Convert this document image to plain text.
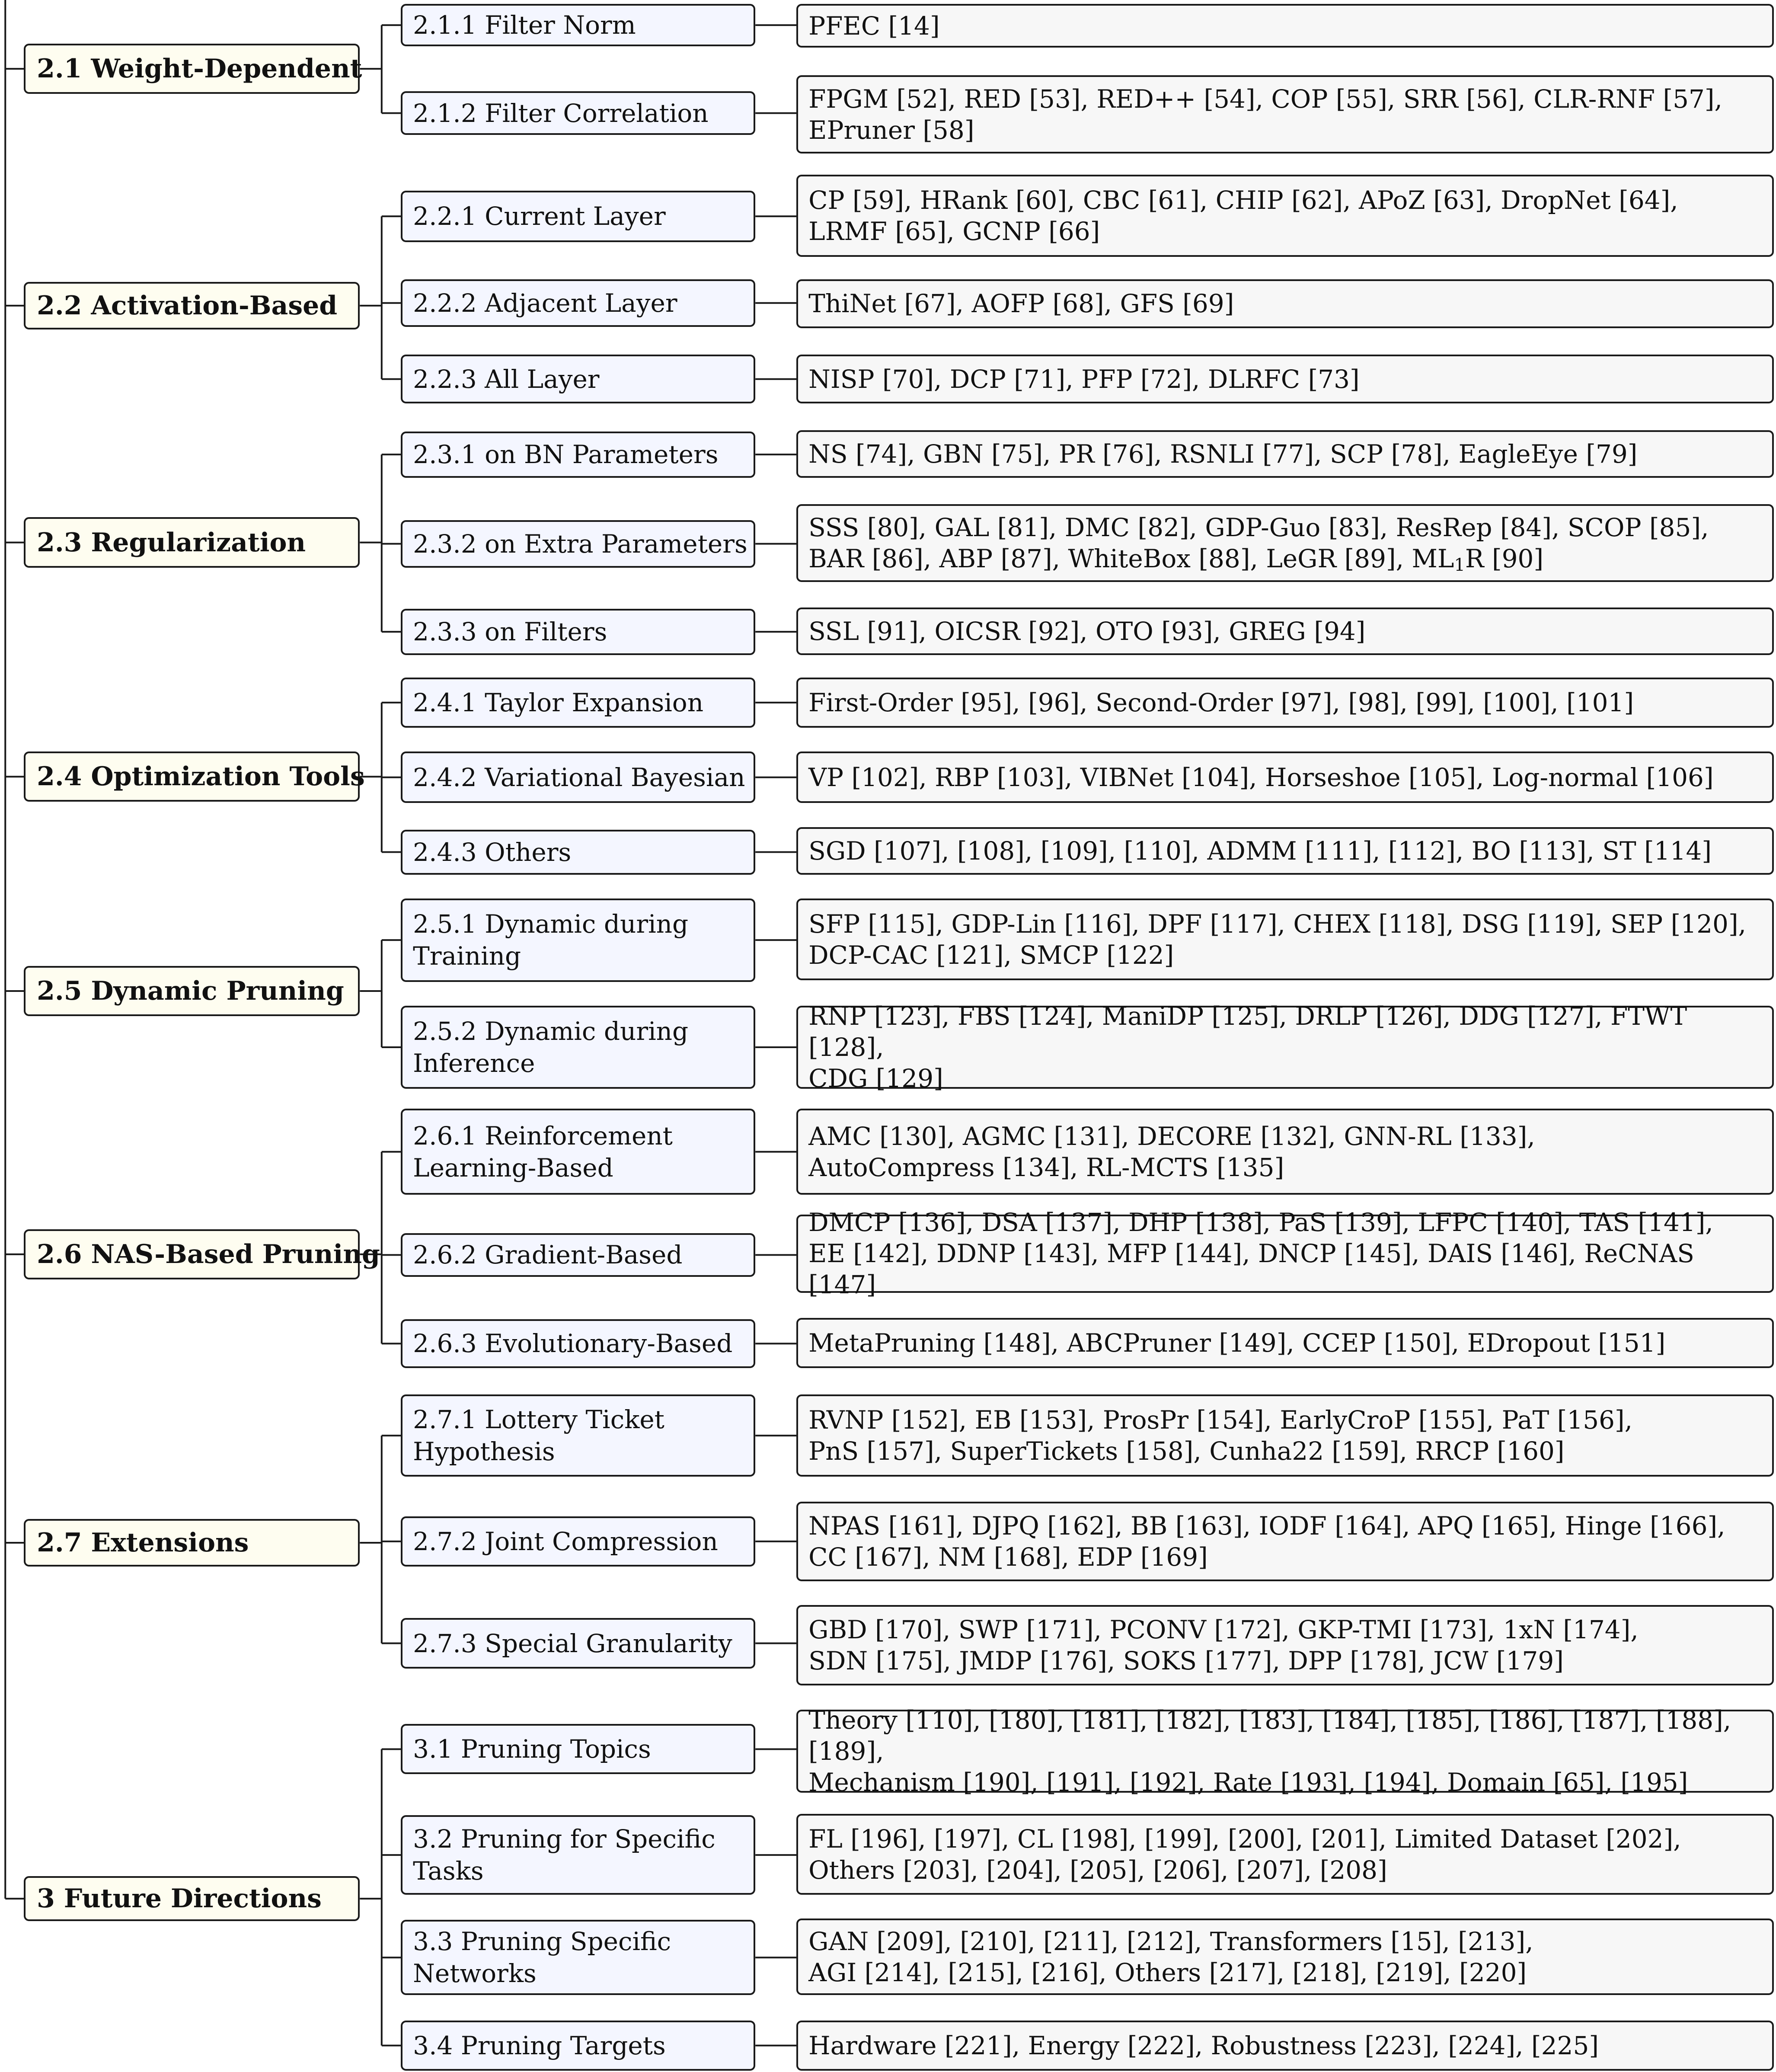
2.1 Weight-Dependent
2.1.1 Filter Norm	PFEC [14]
2.1.2 Filter Correlation	FPGM [52], RED [53], RED++ [54], COP [55], SRR [56], CLR-RNF [57],
EPruner [58]
2.2 Activation-Based
2.2.1 Current Layer
CP [59], HRank [60], CBC [61], CHIP [62], APoZ [63], DropNet [64],
LRMF [65], GCNP [66]
2.2.2 Adjacent Layer	ThiNet [67], AOFP [68], GFS [69]
2.2.3 All Layer	NISP [70], DCP [71], PFP [72], DLRFC [73]
2.3 Regularization
2.3.1 on BN Parameters	NS [74], GBN [75], PR [76], RSNLI [77], SCP [78], EagleEye [79]
2.3.2 on Extra Parameters
SSS [80], GAL [81], DMC [82], GDP-Guo [83], ResRep [84], SCOP [85],
BAR [86], ABP [87], WhiteBox [88], LeGR [89], $ML_1R$ [90]
2.3.3 on Filters	SSL [91], OICSR [92], OTO [93], GREG [94]
2.4 Optimization Tools
2.4.1 Taylor Expansion	First-Order [95], [96], Second-Order [97], [98], [99], [100], [101]
2.4.2 Variational Bayesian	VP [102], RBP [103], VIBNet [104], Horseshoe [105], Log-normal [106]
2.4.3 Others	SGD [107], [108], [109], [110], ADMM [111], [112], BO [113], ST [114]
2.5 Dynamic Pruning
2.5.1 Dynamic during
Training
SFP [115], GDP-Lin [116], DPF [117], CHEX [118], DSG [119], SEP [120],
DCP-CAC [121], SMCP [122]
2.5.2 Dynamic during
Inference
RNP [123], FBS [124], ManiDP [125], DRLP [126], DDG [127], FTWT [128],
CDG [129]
2.6 NAS-Based Pruning
2.6.1 Reinforcement
Learning-Based
AMC [130], AGMC [131], DECORE [132], GNN-RL [133],
AutoCompress [134], RL-MCTS [135]
2.6.2 Gradient-Based
DMCP [136], DSA [137], DHP [138], PaS [139], LFPC [140], TAS [141],
EE [142], DDNP [143], MFP [144], DNCP [145], DAIS [146], ReCNAS [147]
2.6.3 Evolutionary-Based	MetaPruning [148], ABCPruner [149], CCEP [150], EDropout [151]
2.7 Extensions
2.7.1 Lottery Ticket
Hypothesis
RVNP [152], EB [153], ProsPr [154], EarlyCroP [155], PaT [156],
PnS [157], SuperTickets [158], Cunha22 [159], RRCP [160]
2.7.2 Joint Compression
NPAS [161], DJPQ [162], BB [163], IODF [164], APQ [165], Hinge [166],
CC [167], NM [168], EDP [169]
2.7.3 Special Granularity	GBD [170], SWP [171], PCONV [172], GKP-TMI [173], 1xN [174],
SDN [175], JMDP [176], SOKS [177], DPP [178], JCW [179]
3 Future Directions
3.1 Pruning Topics
Theory [110], [180], [181], [182], [183], [184], [185], [186], [187], [188], [189],
Mechanism [190], [191], [192], Rate [193], [194], Domain [65], [195]
3.2 Pruning for Specific
Tasks
FL [196], [197], CL [198], [199], [200], [201], Limited Dataset [202],
Others [203], [204], [205], [206], [207], [208]
3.3 Pruning Specific
Networks
GAN [209], [210], [211], [212], Transformers [15], [213],
AGI [214], [215], [216], Others [217], [218], [219], [220]
3.4 Pruning Targets	Hardware [221], Energy [222], Robustness [223], [224], [225]
